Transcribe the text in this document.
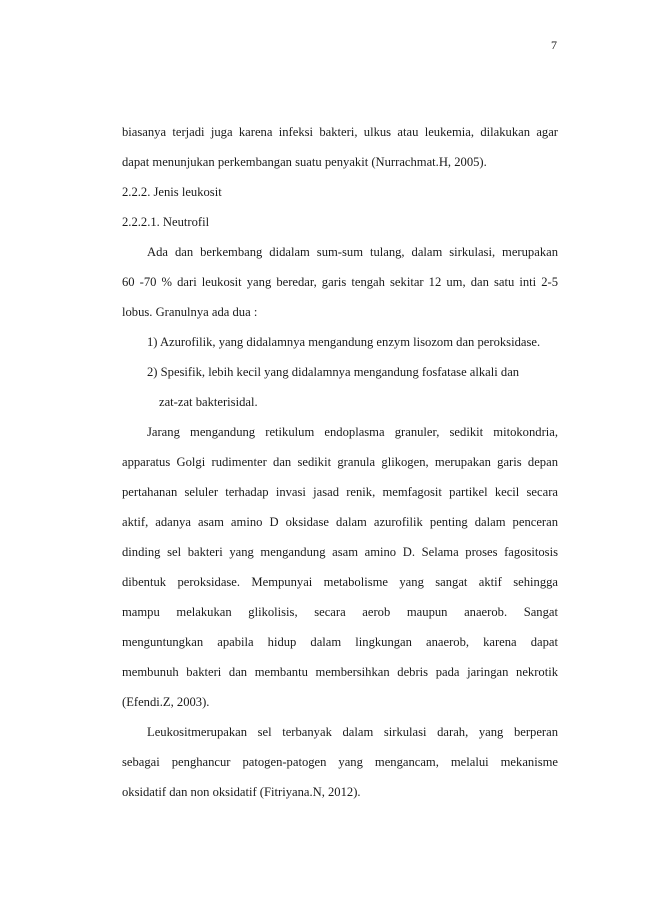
7
biasanya terjadi juga karena infeksi bakteri, ulkus atau leukemia, dilakukan agar
dapat menunjukan perkembangan suatu penyakit (Nurrachmat.H, 2005).
2.2.2. Jenis leukosit
2.2.2.1. Neutrofil
Ada dan berkembang didalam sum-sum tulang, dalam sirkulasi, merupakan
60 -70 % dari leukosit yang beredar, garis tengah sekitar 12 um, dan satu inti 2-5
lobus. Granulnya ada dua :
1) Azurofilik, yang didalamnya mengandung enzym lisozom dan peroksidase.
2) Spesifik, lebih kecil yang didalamnya mengandung fosfatase alkali dan
zat-zat bakterisidal.
Jarang mengandung retikulum endoplasma granuler, sedikit mitokondria,
apparatus Golgi rudimenter dan sedikit granula glikogen, merupakan garis depan
pertahanan seluler terhadap invasi jasad renik, memfagosit partikel kecil secara
aktif, adanya asam amino D oksidase dalam azurofilik penting dalam penceran
dinding sel bakteri yang mengandung asam amino D. Selama proses fagositosis
dibentuk peroksidase. Mempunyai metabolisme yang sangat aktif sehingga
mampu melakukan glikolisis, secara aerob maupun anaerob. Sangat
menguntungkan apabila hidup dalam lingkungan anaerob, karena dapat
membunuh bakteri dan membantu membersihkan debris pada jaringan nekrotik
(Efendi.Z, 2003).
Leukositmerupakan sel terbanyak dalam sirkulasi darah, yang berperan
sebagai penghancur patogen-patogen yang mengancam, melalui mekanisme
oksidatif dan non oksidatif (Fitriyana.N, 2012).
